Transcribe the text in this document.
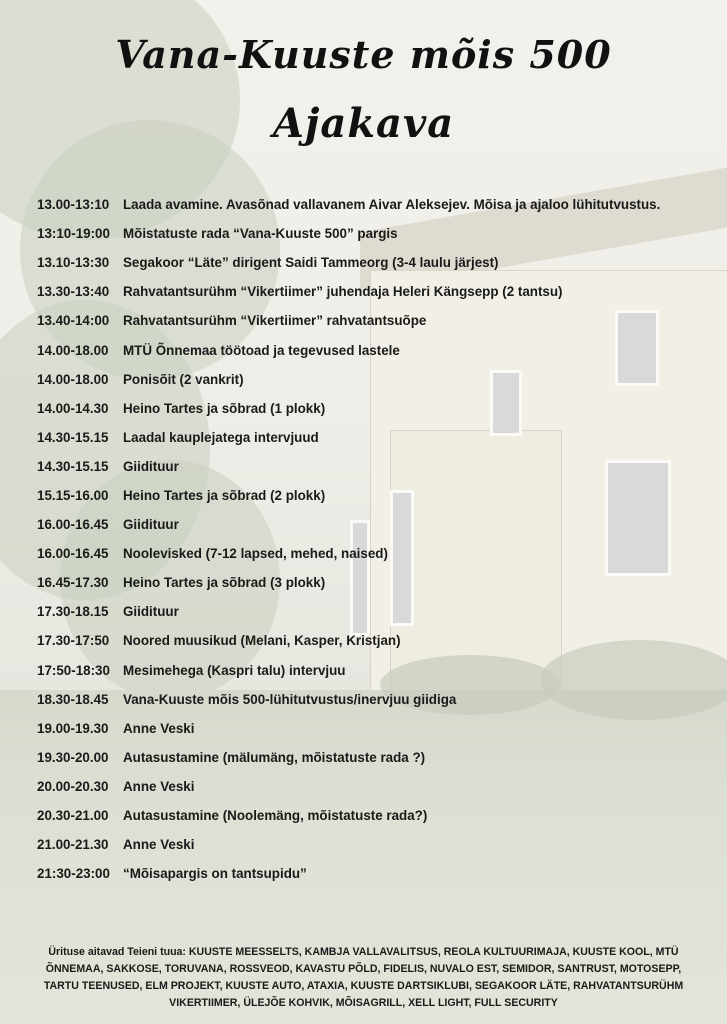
Vana-Kuuste mõis 500
Ajakava
13.00-13:10	Laada avamine. Avasõnad vallavanem Aivar Aleksejev. Mõisa ja ajaloo lühitutvustus.
13:10-19:00 Mõistatuste rada “Vana-Kuuste 500” pargis
13.10-13:30	Segakoor “Läte” dirigent Saidi Tammeorg (3-4 laulu järjest)
13.30-13:40	Rahvatantsurühm “Vikertiimer” juhendaja Heleri Kängsepp (2 tantsu)
13.40-14:00	Rahvatantsurühm “Vikertiimer” rahvatantsuõpe
14.00-18.00	MTÜ Õnnemaa töötoad ja tegevused lastele
14.00-18.00	Ponisõit (2 vankrit)
14.00-14.30	Heino Tartes ja sõbrad (1 plokk)
14.30-15.15	Laadal kauplejatega intervjuud
14.30-15.15	Giidituur
15.15-16.00	Heino Tartes ja sõbrad (2 plokk)
16.00-16.45	Giidituur
16.00-16.45	Noolevisked (7-12 lapsed, mehed, naised)
16.45-17.30	Heino Tartes ja sõbrad (3 plokk)
17.30-18.15	Giidituur
17.30-17:50	Noored muusikud (Melani, Kasper, Kristjan)
17:50-18:30 Mesimehega (Kaspri talu) intervjuu
18.30-18.45	Vana-Kuuste mõis 500-lühitutvustus/inervjuu giidiga
19.00-19.30	Anne Veski
19.30-20.00	Autasustamine (mälumäng, mõistatuste rada ?)
20.00-20.30	Anne Veski
20.30-21.00	Autasustamine (Noolemäng, mõistatuste rada?)
21.00-21.30	Anne Veski
21:30-23:00 “Mõisapargis on tantsupidu”
Ürituse aitavad Teieni tuua: KUUSTE MEESSELTS, KAMBJA VALLAVALITSUS, REOLA KULTUURIMAJA, KUUSTE KOOL, MTÜ ÕNNEMAA, SAKKOSE, TORUVANA, ROSSVEOD, KAVASTU PÕLD, FIDELIS, NUVALO EST, SEMIDOR, SANTRUST, MOTOSEPP, TARTU TEENUSED, ELM PROJEKT, KUUSTE AUTO, ATAXIA, KUUSTE DARTSIKLUBI, SEGAKOOR LÄTE, RAHVATANTSURÜHM VIKERTIIMER, ÜLEJÕE KOHVIK, MÕISAGRILL, XELL LIGHT, FULL SECURITY
